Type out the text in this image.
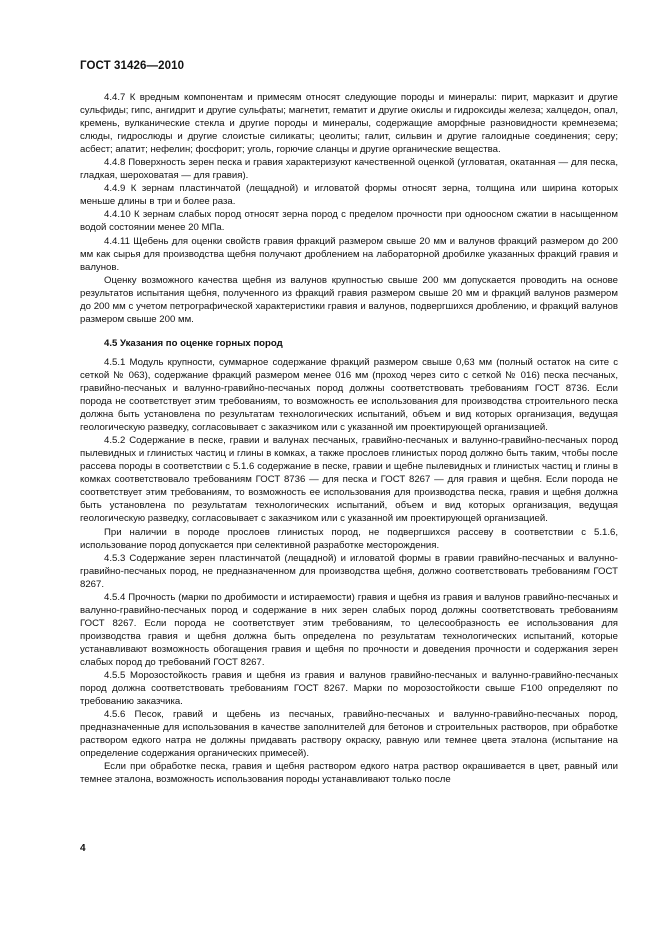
ГОСТ 31426—2010

4.4.7 К вредным компонентам и примесям относят следующие породы и минералы: пирит, марказит и другие сульфиды; гипс, ангидрит и другие сульфаты; магнетит, гематит и другие окислы и гидроксиды железа; халцедон, опал, кремень, вулканические стекла и другие породы и минералы, содержащие аморфные разновидности кремнезема; слюды, гидрослюды и другие слоистые силикаты; цеолиты; галит, сильвин и другие галоидные соединения; серу; асбест; апатит; нефелин; фосфорит; уголь, горючие сланцы и другие органические вещества.

4.4.8 Поверхность зерен песка и гравия характеризуют качественной оценкой (угловатая, окатанная — для песка, гладкая, шероховатая — для гравия).

4.4.9 К зернам пластинчатой (лещадной) и игловатой формы относят зерна, толщина или ширина которых меньше длины в три и более раза.

4.4.10 К зернам слабых пород относят зерна пород с пределом прочности при одноосном сжатии в насыщенном водой состоянии менее 20 МПа.

4.4.11 Щебень для оценки свойств гравия фракций размером свыше 20 мм и валунов фракций размером до 200 мм как сырья для производства щебня получают дроблением на лабораторной дробилке указанных фракций гравия и валунов.

Оценку возможного качества щебня из валунов крупностью свыше 200 мм допускается проводить на основе результатов испытания щебня, полученного из фракций гравия размером свыше 20 мм и фракций валунов размером до 200 мм с учетом петрографической характеристики гравия и валунов, подвергшихся дроблению, и фракций валунов размером свыше 200 мм.

4.5 Указания по оценке горных пород

4.5.1 Модуль крупности, суммарное содержание фракций размером свыше 0,63 мм (полный остаток на сите с сеткой № 063), содержание фракций размером менее 016 мм (проход через сито с сеткой № 016) песка песчаных, гравийно-песчаных и валунно-гравийно-песчаных пород должны соответствовать требованиям ГОСТ 8736. Если порода не соответствует этим требованиям, то возможность ее использования для производства строительного песка должна быть установлена по результатам технологических испытаний, объем и вид которых организация, ведущая геологическую разведку, согласовывает с заказчиком или с указанной им проектирующей организацией.

4.5.2 Содержание в песке, гравии и валунах песчаных, гравийно-песчаных и валунно-гравийно-песчаных пород пылевидных и глинистых частиц и глины в комках, а также прослоев глинистых пород должно быть таким, чтобы после рассева породы в соответствии с 5.1.6 содержание в песке, гравии и щебне пылевидных и глинистых частиц и глины в комках соответствовало требованиям ГОСТ 8736 — для песка и ГОСТ 8267 — для гравия и щебня. Если порода не соответствует этим требованиям, то возможность ее использования для производства песка, гравия и щебня должна быть установлена по результатам технологических испытаний, объем и вид которых организация, ведущая геологическую разведку, согласовывает с заказчиком или с указанной им проектирующей организацией.

При наличии в породе прослоев глинистых пород, не подвергшихся рассеву в соответствии с 5.1.6, использование пород допускается при селективной разработке месторождения.

4.5.3 Содержание зерен пластинчатой (лещадной) и игловатой формы в гравии гравийно-песчаных и валунно-гравийно-песчаных пород, не предназначенном для производства щебня, должно соответствовать требованиям ГОСТ 8267.

4.5.4 Прочность (марки по дробимости и истираемости) гравия и щебня из гравия и валунов гравийно-песчаных и валунно-гравийно-песчаных пород и содержание в них зерен слабых пород должны соответствовать требованиям ГОСТ 8267. Если порода не соответствует этим требованиям, то целесообразность ее использования для производства гравия и щебня должна быть определена по результатам технологических испытаний, которые устанавливают возможность обогащения гравия и щебня по прочности и доведения прочности и содержания зерен слабых пород до требований ГОСТ 8267.

4.5.5 Морозостойкость гравия и щебня из гравия и валунов гравийно-песчаных и валунно-гравийно-песчаных пород должна соответствовать требованиям ГОСТ 8267. Марки по морозостойкости свыше F100 определяют по требованию заказчика.

4.5.6 Песок, гравий и щебень из песчаных, гравийно-песчаных и валунно-гравийно-песчаных пород, предназначенные для использования в качестве заполнителей для бетонов и строительных растворов, при обработке раствором едкого натра не должны придавать раствору окраску, равную или темнее цвета эталона (испытание на определение содержания органических примесей).

Если при обработке песка, гравия и щебня раствором едкого натра раствор окрашивается в цвет, равный или темнее эталона, возможность использования породы устанавливают только после

4
